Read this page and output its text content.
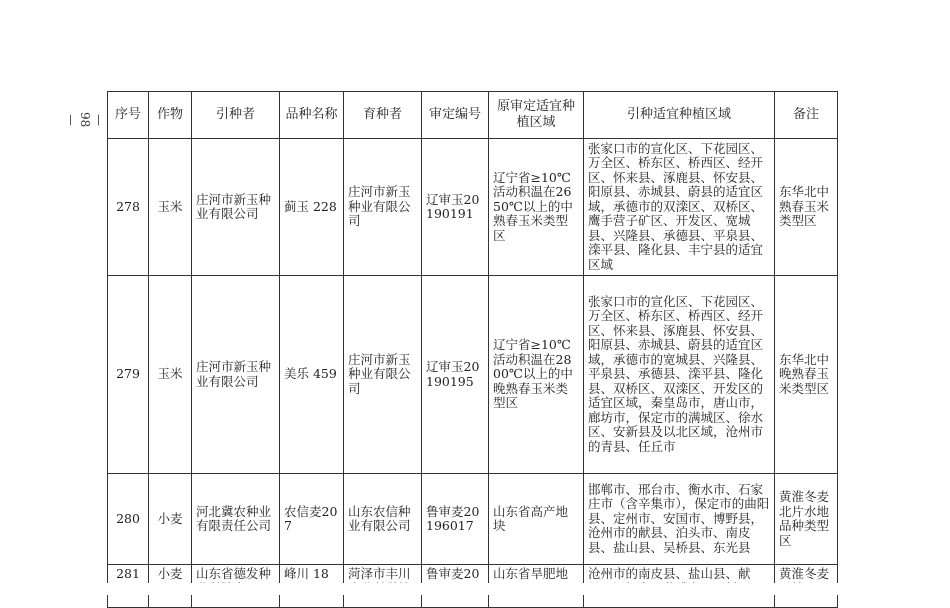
—
98
—	序号	作物	引种者	品种名称	育种者	审定编号	原审定适宜种植区域	引种适宜种植区域	备注
278	玉米	庄河市新玉种业有限公司	蓟玉 228	庄河市新玉种业有限公司	辽审玉20190191	辽宁省≥10℃活动积温在2650℃以上的中熟春玉米类型区	张家口市的宣化区、下花园区、万全区、桥东区、桥西区、经开区、怀来县、涿鹿县、怀安县、阳原县、赤城县、蔚县的适宜区域，承德市的双滦区、双桥区、鹰手营子矿区、开发区、宽城县、兴隆县、承德县、平泉县、滦平县、隆化县、丰宁县的适宜区域	东华北中熟春玉米类型区
279	玉米	庄河市新玉种业有限公司	美乐 459	庄河市新玉种业有限公司	辽审玉20190195	辽宁省≥10℃活动积温在2800℃以上的中晚熟春玉米类型区	张家口市的宣化区、下花园区、万全区、桥东区、桥西区、经开区、怀来县、涿鹿县、怀安县、阳原县、赤城县、蔚县的适宜区域，承德市的宽城县、兴隆县、平泉县、承德县、滦平县、隆化县、双桥区、双滦区、开发区的适宜区域，秦皇岛市，唐山市，廊坊市，保定市的满城区、徐水区、安新县及以北区域，沧州市的青县、任丘市	东华北中晚熟春玉米类型区
280	小麦	河北冀农种业有限责任公司	农信麦207	山东农信种业有限公司	鲁审麦20196017	山东省高产地块	邯郸市、邢台市、衡水市、石家庄市（含辛集市），保定市的曲阳县、定州市、安国市、博野县，沧州市的献县、泊头市、南皮县、盐山县、吴桥县、东光县	黄淮冬麦北片水地品种类型区
281	小麦	山东省德发种	峰川 18	菏泽市丰川	鲁审麦20	山东省旱肥地	沧州市的南皮县、盐山县、献	黄淮冬麦
